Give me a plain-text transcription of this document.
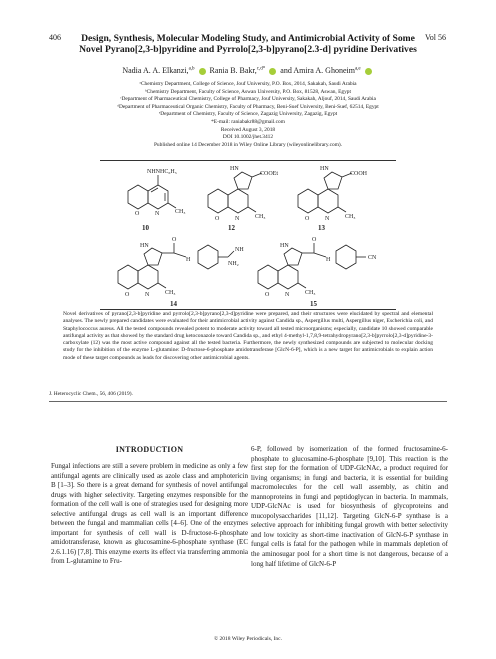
406	Vol 56
Design, Synthesis, Molecular Modeling Study, and Antimicrobial Activity of Some Novel Pyrano[2,3-b]pyridine and Pyrrolo[2,3-b]pyrano[2.3-d] pyridine Derivatives
Nadia A. A. Elkanzi,$^{a,b}$ Rania B. Bakr,$^{c,d*}$ and Amira A. Ghoneim$^{a,e}$
ᵃChemistry Department, College of Science, Jouf University, P.O. Box, 2014, Sakakah, Saudi Arabia
ᵇChemistry Department, Faculty of Science, Aswan University, P.O. Box, 81528, Aswan, Egypt
ᶜDepartment of Pharmaceutical Chemistry, College of Pharmacy, Jouf University, Sakakah, Aljouf, 2014, Saudi Arabia
ᵈDepartment of Pharmaceutical Organic Chemistry, Faculty of Pharmacy, Beni-Suef University, Beni-Suef, 62514, Egypt
ᵉDepartment of Chemistry, Faculty of Science, Zagazig University, Zagazig, Egypt
*E-mail: raniabakr88@gmail.com
Received August 3, 2018
DOI 10.1002/jhet.3412
Published online 14 December 2018 in Wiley Online Library (wileyonlinelibrary.com).
NHNHC₆H₅
O	N	CH₃
10
HN
COOEt
O	N	CH₃
12
HN
COOH
O	N	CH₃
13
HN
O
H
NH
NH₂
O	N	CH₃
14
HN
O
H	CN
O	N	CH₃
15
Novel derivatives of pyrano[2,3-b]pyridine and pyrrolo[2,3-b]pyrano[2,3-d]pyridine were prepared, and their structures were elucidated by spectral and elemental analyses. The newly prepared candidates were evaluated for their antimicrobial activity against Candida sp., Aspergillus multi, Aspergillus niger, Escherichia coli, and Staphylococcus aureus. All the tested compounds revealed potent to moderate activity toward all tested microorganisms; especially, candidate 10 showed comparable antifungal activity as that showed by the standard drug ketoconazole toward Candida sp., and ethyl 4-methyl-1,7,8,9-tetrahydropyrano[2,3-b]pyrrolo[2,3-d]pyridine-3-carboxylate (12) was the most active compound against all the tested bacteria. Furthermore, the newly synthesized compounds are subjected to molecular docking study for the inhibition of the enzyme L-glutamine: D-fructose-6-phosphate amidotransferase [GlcN-6-P], which is a new target for antimicrobials to explain action mode of these target compounds as leads for discovering other antimicrobial agents.
J. Heterocyclic Chem., 56, 406 (2019).
INTRODUCTION
Fungal infections are still a severe problem in medicine as only a few antifungal agents are clinically used as azole class and amphotericin B [1–3]. So there is a great demand for synthesis of novel antifungal drugs with higher selectivity. Targeting enzymes responsible for the formation of the cell wall is one of strategies used for designing more selective antifungal drugs as cell wall is an important difference between the fungal and mammalian cells [4–6]. One of the enzymes important for synthesis of cell wall is D-fructose-6-phosphate amidotransferase, known as glucosamine-6-phosphate synthase (EC 2.6.1.16) [7,8]. This enzyme exerts its effect via transferring ammonia from L-glutamine to Fru-
6-P, followed by isomerization of the formed fructosamine-6-phosphate to glucosamine-6-phosphate [9,10]. This reaction is the first step for the formation of UDP-GlcNAc, a product required for living organisms; in fungi and bacteria, it is essential for building macromolecules for the cell wall assembly, as chitin and mannoproteins in fungi and peptidoglycan in bacteria. In mammals, UDP-GlcNAc is used for biosynthesis of glycoproteins and mucopolysaccharides [11,12]. Targeting GlcN-6-P synthase is a selective approach for inhibiting fungal growth with better selectivity and low toxicity as short-time inactivation of GlcN-6-P synthase in fungal cells is fatal for the pathogen while in mammals depletion of the aminosugar pool for a short time is not dangerous, because of a long half lifetime of GlcN-6-P
© 2018 Wiley Periodicals, Inc.
